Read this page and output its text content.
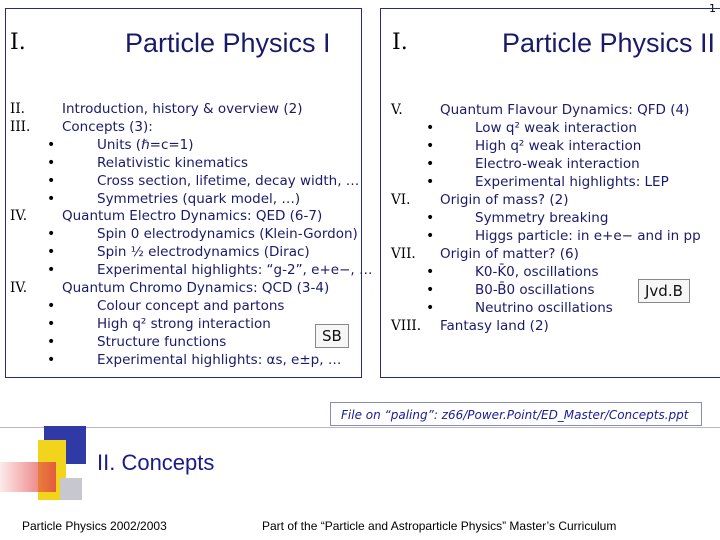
1
I.	Particle Physics I
II.	Introduction, history & overview (2)
III. Concepts (3):
•	Units (ℏ=c=1)
•	Relativistic kinematics
•	Cross section, lifetime, decay width, …
•	Symmetries (quark model, …)
IV.	Quantum Electro Dynamics: QED (6-7)
•	Spin 0 electrodynamics (Klein-Gordon)
•	Spin ½ electrodynamics (Dirac)
•	Experimental highlights: “g-2”, e+e−, …
IV.	Quantum Chromo Dynamics: QCD (3-4)
•	Colour concept and partons
•	High q² strong interaction
•	Structure functions
•	Experimental highlights: αs, e±p, …
SB
I.	Particle Physics II
V.	Quantum Flavour Dynamics: QFD (4)
•	Low q² weak interaction
•	High q² weak interaction
•	Electro-weak interaction
•	Experimental highlights: LEP
VI. Origin of mass? (2)
•	Symmetry breaking
•	Higgs particle: in e+e− and in pp
VII. Origin of matter? (6)
•	K0-K̄0, oscillations
•	B0-B̄0 oscillations
•	Neutrino oscillations
VIII. Fantasy land (2)
Jvd.B
File on “paling”: z66/Power.Point/ED_Master/Concepts.ppt
II. Concepts
Particle Physics 2002/2003	Part of the “Particle and Astroparticle Physics” Master’s Curriculum
